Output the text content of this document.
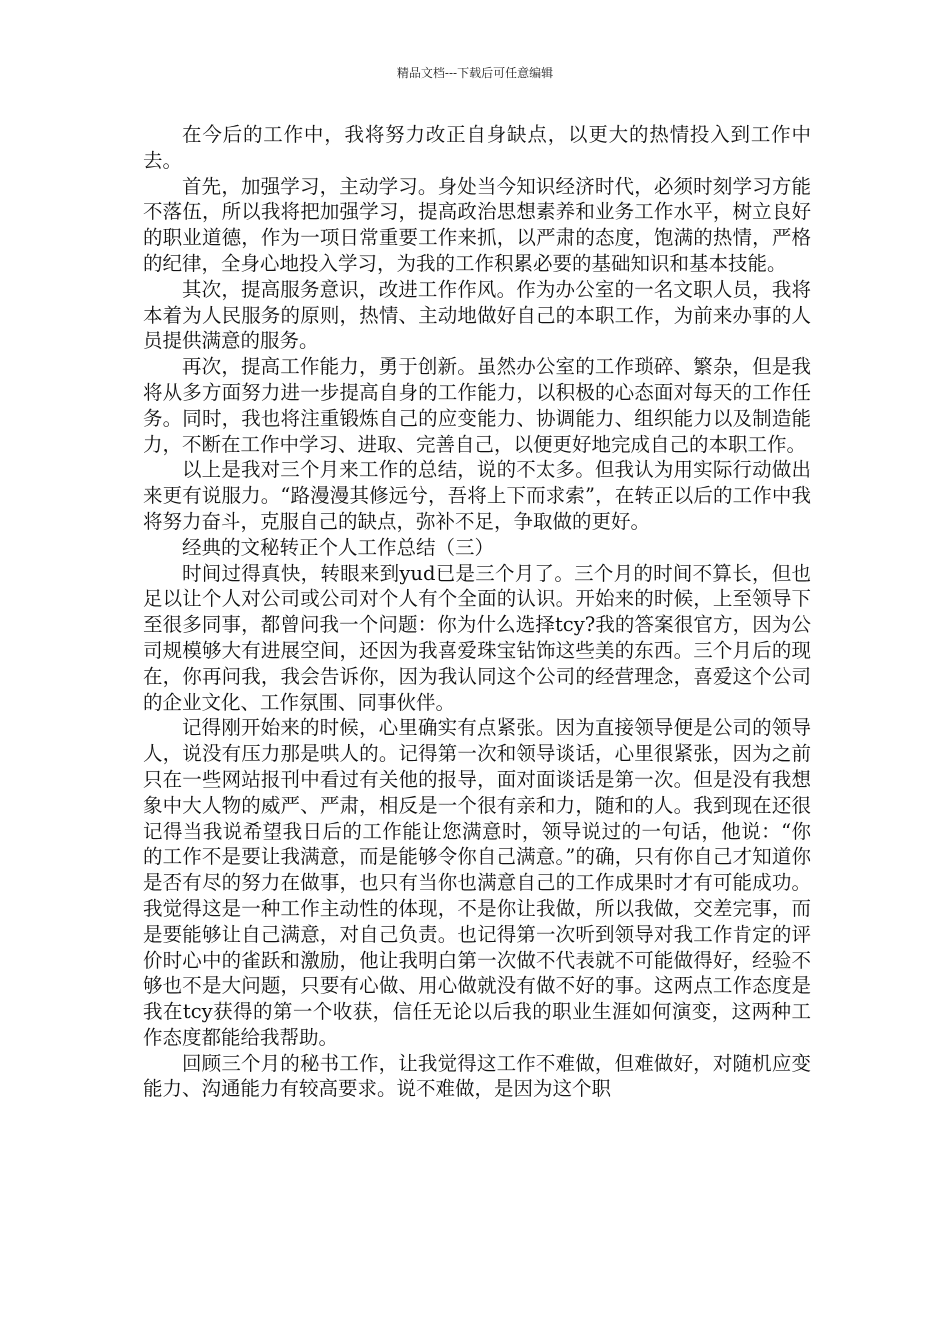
精品文档---下载后可任意编辑

在今后的工作中，我将努力改正自身缺点，以更大的热情投入到工作中去。

首先，加强学习，主动学习。身处当今知识经济时代，必须时刻学习方能不落伍，所以我将把加强学习，提高政治思想素养和业务工作水平，树立良好的职业道德，作为一项日常重要工作来抓，以严肃的态度，饱满的热情，严格的纪律，全身心地投入学习，为我的工作积累必要的基础知识和基本技能。

其次，提高服务意识，改进工作作风。作为办公室的一名文职人员，我将本着为人民服务的原则，热情、主动地做好自己的本职工作，为前来办事的人员提供满意的服务。

再次，提高工作能力，勇于创新。虽然办公室的工作琐碎、繁杂，但是我将从多方面努力进一步提高自身的工作能力，以积极的心态面对每天的工作任务。同时，我也将注重锻炼自己的应变能力、协调能力、组织能力以及制造能力，不断在工作中学习、进取、完善自己，以便更好地完成自己的本职工作。

以上是我对三个月来工作的总结，说的不太多。但我认为用实际行动做出来更有说服力。“路漫漫其修远兮，吾将上下而求索”，在转正以后的工作中我将努力奋斗，克服自己的缺点，弥补不足，争取做的更好。

经典的文秘转正个人工作总结（三）

时间过得真快，转眼来到yud已是三个月了。三个月的时间不算长，但也足以让个人对公司或公司对个人有个全面的认识。开始来的时候，上至领导下至很多同事，都曾问我一个问题：你为什么选择tcy?我的答案很官方，因为公司规模够大有进展空间，还因为我喜爱珠宝钻饰这些美的东西。三个月后的现在，你再问我，我会告诉你，因为我认同这个公司的经营理念，喜爱这个公司的企业文化、工作氛围、同事伙伴。

记得刚开始来的时候，心里确实有点紧张。因为直接领导便是公司的领导人，说没有压力那是哄人的。记得第一次和领导谈话，心里很紧张，因为之前只在一些网站报刊中看过有关他的报导，面对面谈话是第一次。但是没有我想象中大人物的威严、严肃，相反是一个很有亲和力，随和的人。我到现在还很记得当我说希望我日后的工作能让您满意时，领导说过的一句话，他说：“你的工作不是要让我满意，而是能够令你自己满意。”的确，只有你自己才知道你是否有尽的努力在做事，也只有当你也满意自己的工作成果时才有可能成功。我觉得这是一种工作主动性的体现，不是你让我做，所以我做，交差完事，而是要能够让自己满意，对自己负责。也记得第一次听到领导对我工作肯定的评价时心中的雀跃和激励，他让我明白第一次做不代表就不可能做得好，经验不够也不是大问题，只要有心做、用心做就没有做不好的事。这两点工作态度是我在tcy获得的第一个收获，信任无论以后我的职业生涯如何演变，这两种工作态度都能给我帮助。

回顾三个月的秘书工作，让我觉得这工作不难做，但难做好，对随机应变能力、沟通能力有较高要求。说不难做，是因为这个职
